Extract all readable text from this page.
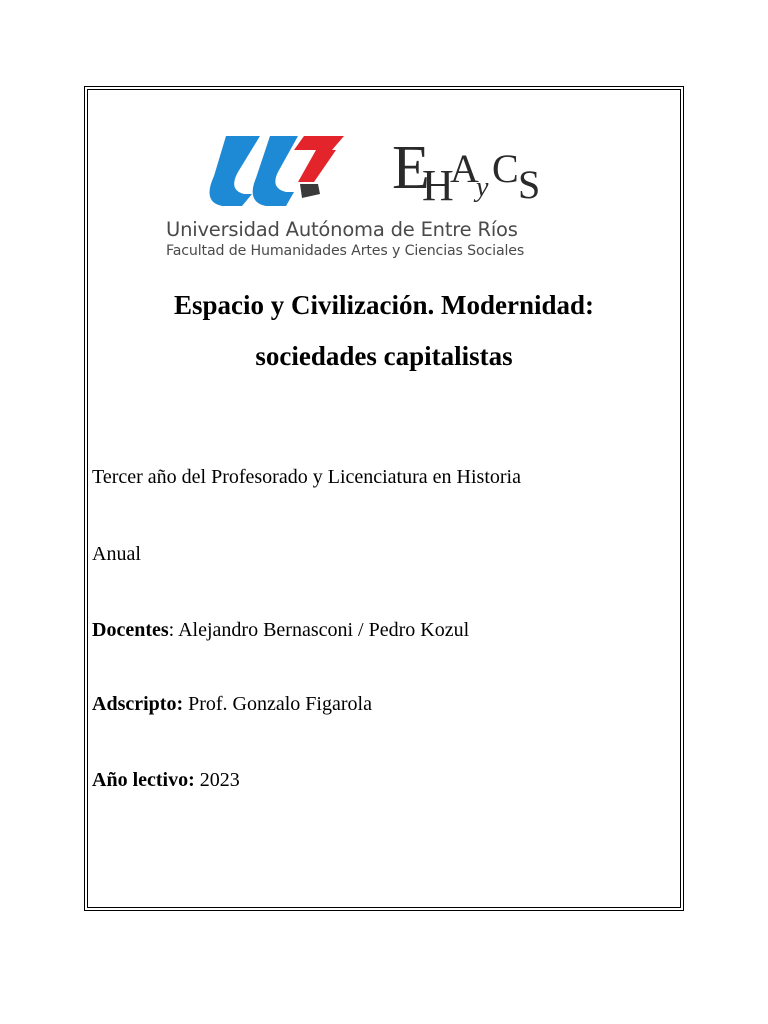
E
H
A
y C S
Universidad Autónoma de Entre Ríos
Facultad de Humanidades Artes y Ciencias Sociales
Espacio y Civilización. Modernidad:
sociedades capitalistas
Tercer año del Profesorado y Licenciatura en Historia
Anual
Docentes: Alejandro Bernasconi / Pedro Kozul
Adscripto: Prof. Gonzalo Figarola
Año lectivo: 2023
